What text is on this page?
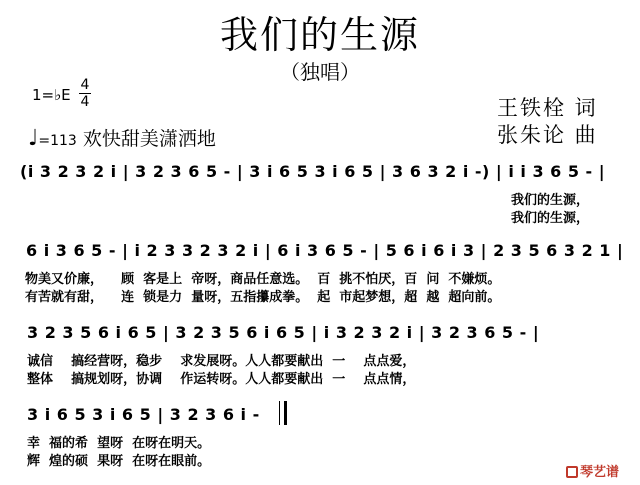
我们的生源
（独唱）
1=♭E
4
4
♩=113 欢快甜美潇洒地
王铁栓 词
张朱论 曲
(i 3 2 3 2 i | 3 2 3 6 5 - | 3 i 6 5 3 i 6 5 | 3 6 3 2 i -) | i i 3 6 5 - |
我们的生源，
我们的生源，
6 i 3 6 5 - | i 2 3 3 2 3 2 i | 6 i 3 6 5 - | 5 6 i 6 i 3 | 2 3 5 6 3 2 1 |
物美又价廉，    顾  客是上  帝呀，商品任意选。  百  挑不怕厌，百  问  不嫌烦。
有苦就有甜，    连  锁是力  量呀，五指攥成拳。  起  市起梦想，超  越  超向前。
3 2 3 5 6 i 6 5 | 3 2 3 5 6 i 6 5 | i 3 2 3 2 i | 3 2 3 6 5 - |
诚信    搞经营呀，稳步    求发展呀。人人都要献出  一    点点爱，
整体    搞规划呀，协调    作运转呀。人人都要献出  一    点点情，
3 i 6 5 3 i 6 5 | 3 2 3 6 i -
幸  福的希  望呀  在呀在明天。
辉  煌的硕  果呀  在呀在眼前。
琴艺谱
